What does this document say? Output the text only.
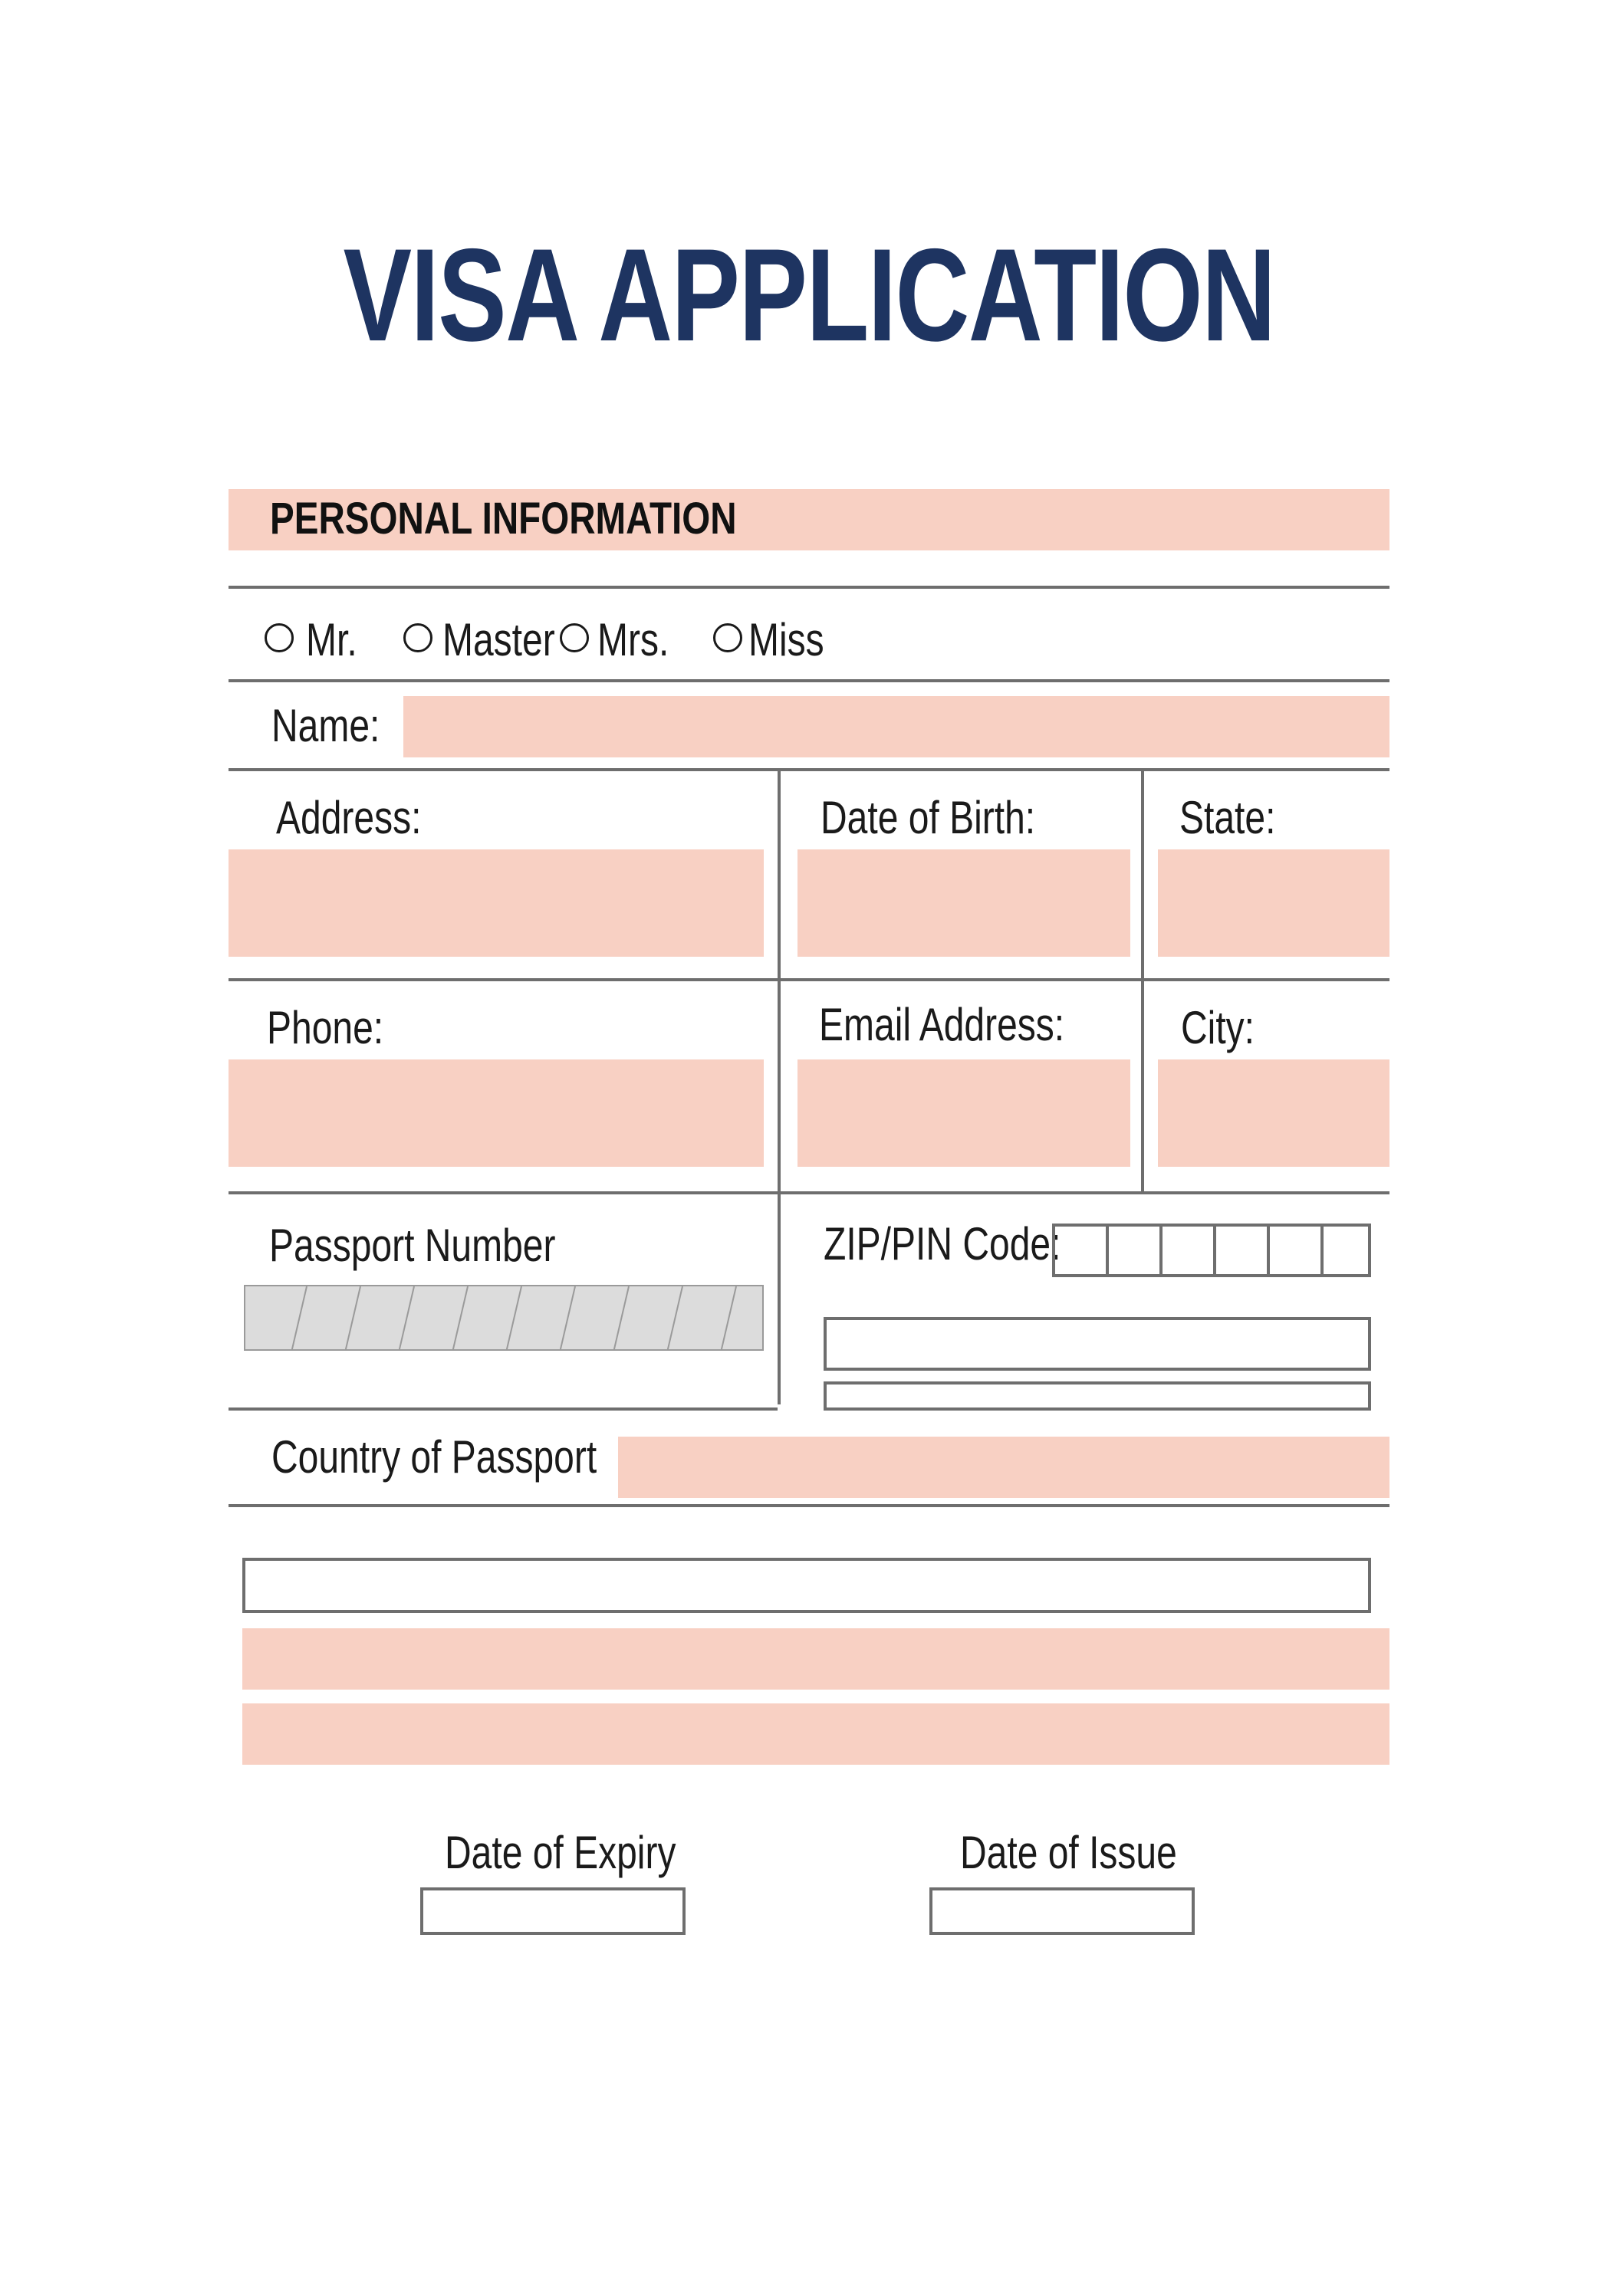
VISA APPLICATION
PERSONAL INFORMATION
Mr. Master Mrs. Miss
Name:
Address:	Date of Birth:	State:
Phone:	Email Address:	City:
Passport Number	ZIP/PIN Code:
Country of Passport
Date of Expiry	Date of Issue
